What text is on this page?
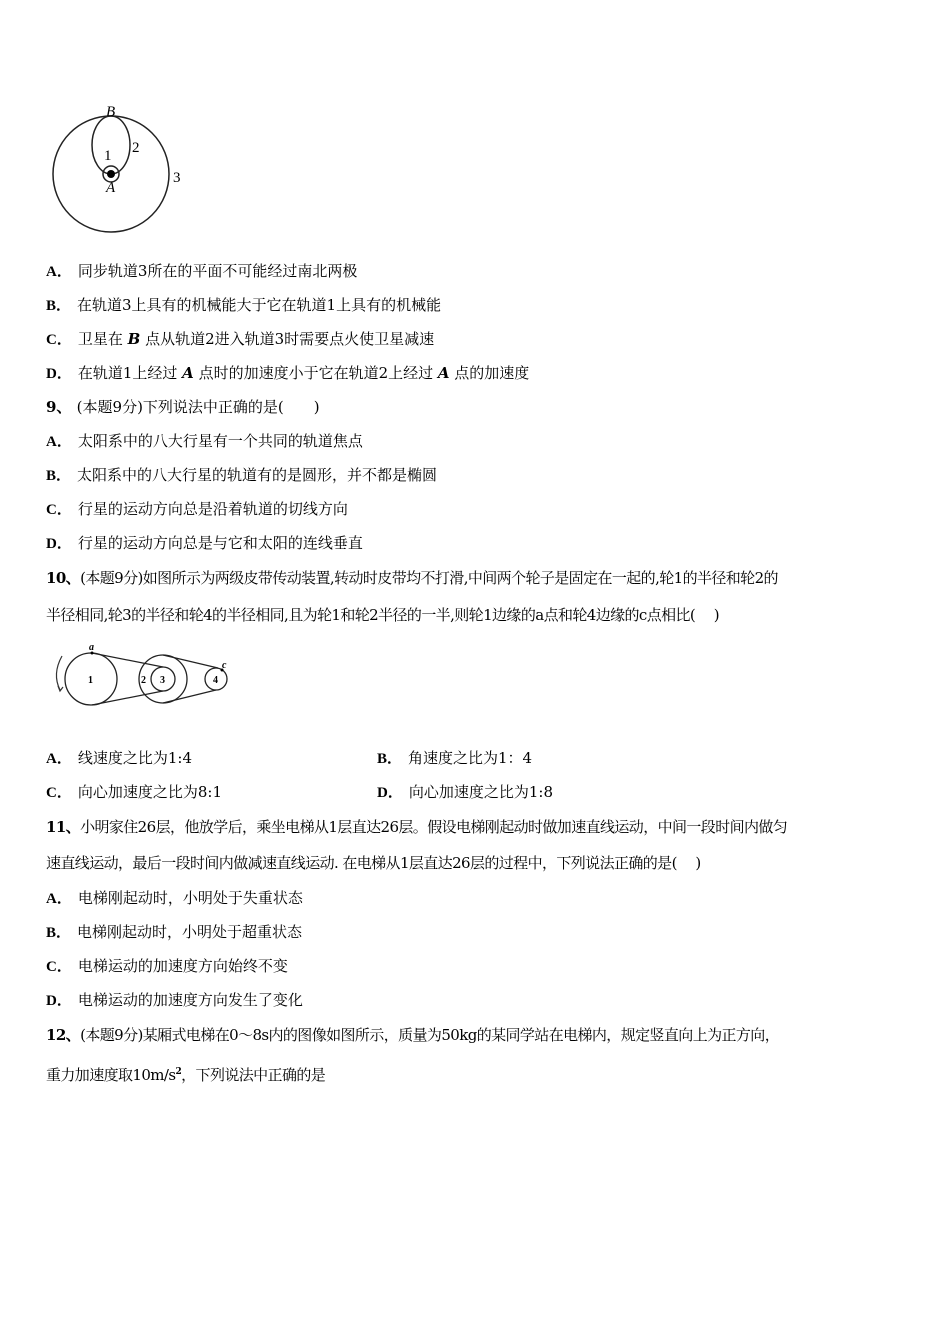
B
A
1 2
3
A． 同步轨道3所在的平面不可能经过南北两极
B． 在轨道3上具有的机械能大于它在轨道1上具有的机械能
C． 卫星在 B 点从轨道2进入轨道3时需要点火使卫星减速
D． 在轨道1上经过 A 点时的加速度小于它在轨道2上经过 A 点的加速度
9、 (本题9分)下列说法中正确的是(　　)
A． 太阳系中的八大行星有一个共同的轨道焦点
B． 太阳系中的八大行星的轨道有的是圆形，并不都是椭圆
C． 行星的运动方向总是沿着轨道的切线方向
D． 行星的运动方向总是与它和太阳的连线垂直
10、(本题9分)如图所示为两级皮带传动装置,转动时皮带均不打滑,中间两个轮子是固定在一起的,轮1的半径和轮2的
半径相同,轮3的半径和轮4的半径相同,且为轮1和轮2半径的一半,则轮1边缘的a点和轮4边缘的c点相比(　 )
a
c
1	2 3	4
A． 线速度之比为1:4	B． 角速度之比为1：4
C． 向心加速度之比为8:1	D． 向心加速度之比为1:8
11、小明家住26层，他放学后，乘坐电梯从1层直达26层。假设电梯刚起动时做加速直线运动，中间一段时间内做匀
速直线运动，最后一段时间内做减速直线运动. 在电梯从1层直达26层的过程中，下列说法正确的是(　 )
A． 电梯刚起动时，小明处于失重状态
B． 电梯刚起动时，小明处于超重状态
C． 电梯运动的加速度方向始终不变
D． 电梯运动的加速度方向发生了变化
12、(本题9分)某厢式电梯在0～8s内的图像如图所示，质量为50kg的某同学站在电梯内，规定竖直向上为正方向，
重力加速度取$10m/s^2$，下列说法中正确的是
